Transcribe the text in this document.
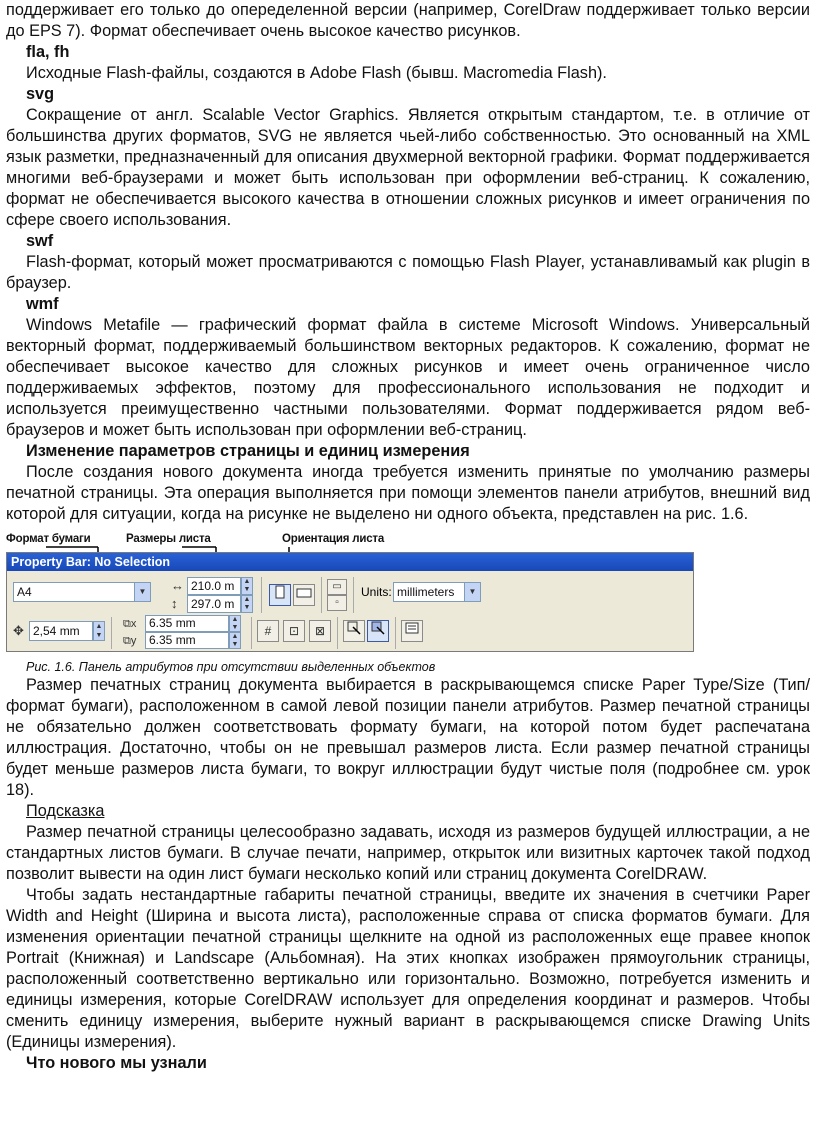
поддерживает его только до опеределенной версии (например, CorelDraw поддерживает только версии до EPS 7). Формат обеспечивает очень высокое качество рисунков.

fla, fh

Исходные Flash-файлы, создаются в Adobe Flash (бывш. Macromedia Flash).

svg

Сокращение от англ. Scalable Vector Graphics. Является открытым стандартом, т.е. в отличие от большинства других форматов, SVG не является чьей-либо собственностью. Это основанный на XML язык разметки, предназначенный для описания двухмерной векторной графики. Формат поддерживается многими веб-браузерами и может быть использован при оформлении веб-страниц. К сожалению, формат не обеспечивается высокого качества в отношении сложных рисунков и имеет ограничения по сфере своего использования.

swf

Flash-формат, который может просматриваются с помощью Flash Player, устанавливамый как plugin в браузер.

wmf

Windows Metafile — графический формат файла в системе Microsoft Windows. Универсальный векторный формат, поддерживаемый большинством векторных редакторов. К сожалению, формат не обеспечивает высокое качество для сложных рисунков и имеет очень ограниченное число поддерживаемых эффектов, поэтому для профессионального использования не подходит и используется преимущественно частными пользователями. Формат поддерживается рядом веб-браузеров и может быть использован при оформлении веб-страниц.

Изменение параметров страницы и единиц измерения

После создания нового документа иногда требуется изменить принятые по умолчанию размеры печатной страницы. Эта операция выполняется при помощи элементов панели атрибутов, внешний вид которой для ситуации, когда на рисунке не выделено ни одного объекта, представлен на рис. 1.6.

Формат бумаги	Размеры листа	Ориентация листа
Property Bar: No Selection
A4	▼ ↔ 210.0 m	▲
▼
↕	297.0 m	▲
▼
▭
▫
Units: millimeters	▼
✥ 2,54 mm	▲
▼
⧉x	6.35 mm	▲
▼
⧉y	6.35 mm	▲
▼
#	⊡	⊠

Рис. 1.6. Панель атрибутов при отсутствии выделенных объектов

Размер печатных страниц документа выбирается в раскрывающемся списке Paper Type/Size (Тип/формат бумаги), расположенном в самой левой позиции панели атрибутов. Размер печатной страницы не обязательно должен соответствовать формату бумаги, на которой потом будет распечатана иллюстрация. Достаточно, чтобы он не превышал размеров листа. Если размер печатной страницы будет меньше размеров листа бумаги, то вокруг иллюстрации будут чистые поля (подробнее см. урок 18).

Подсказка

Размер печатной страницы целесообразно задавать, исходя из размеров будущей иллюстрации, а не стандартных листов бумаги. В случае печати, например, открыток или визитных карточек такой подход позволит вывести на один лист бумаги несколько копий или страниц документа CorelDRAW.

Чтобы задать нестандартные габариты печатной страницы, введите их значения в счетчики Paper Width and Height (Ширина и высота листа), расположенные справа от списка форматов бумаги. Для изменения ориентации печатной страницы щелкните на одной из расположенных еще правее кнопок Portrait (Книжная) и Landscape (Альбомная). На этих кнопках изображен прямоугольник страницы, расположенный соответственно вертикально или горизонтально. Возможно, потребуется изменить и единицы измерения, которые CorelDRAW использует для определения координат и размеров. Чтобы сменить единицу измерения, выберите нужный вариант в раскрывающемся списке Drawing Units (Единицы измерения).

Что нового мы узнали
